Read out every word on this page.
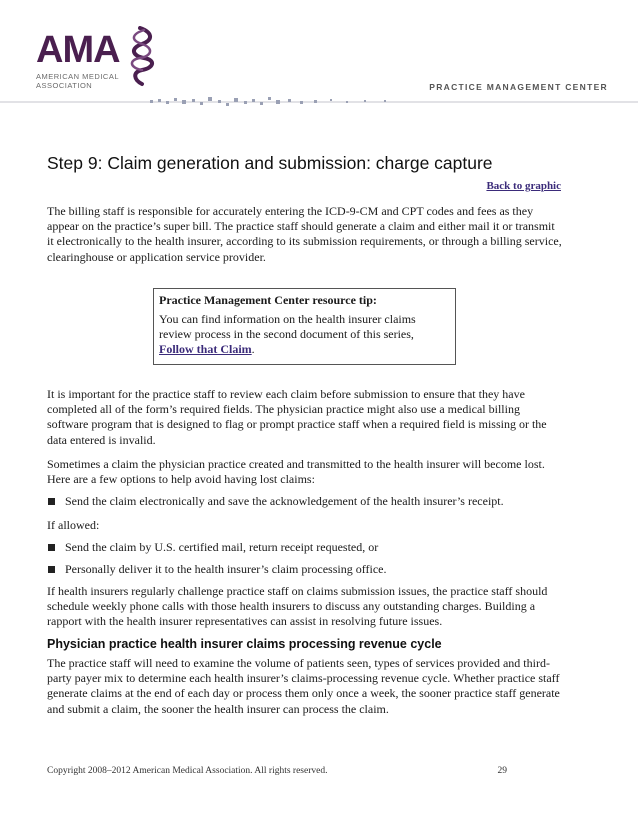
AMA
AMERICAN MEDICAL
ASSOCIATION	PRACTICE MANAGEMENT CENTER
Step 9: Claim generation and submission: charge capture
Back to graphic

The billing staff is responsible for accurately entering the ICD-9-CM and CPT codes and fees as they appear on the practice’s super bill. The practice staff should generate a claim and either mail it or transmit it electronically to the health insurer, according to its submission requirements, or through a billing service, clearinghouse or application service provider.

Practice Management Center resource tip:
You can find information on the health insurer claims review process in the second document of this series, Follow that Claim.

It is important for the practice staff to review each claim before submission to ensure that they have completed all of the form’s required fields. The physician practice might also use a medical billing software program that is designed to flag or prompt practice staff when a required field is missing or the data entered is invalid.

Sometimes a claim the physician practice created and transmitted to the health insurer will become lost. Here are a few options to help avoid having lost claims:

Send the claim electronically and save the acknowledgement of the health insurer’s receipt.

If allowed:

Send the claim by U.S. certified mail, return receipt requested, or
Personally deliver it to the health insurer’s claim processing office.

If health insurers regularly challenge practice staff on claims submission issues, the practice staff should schedule weekly phone calls with those health insurers to discuss any outstanding charges. Building a rapport with the health insurer representatives can assist in resolving future issues.

Physician practice health insurer claims processing revenue cycle

The practice staff will need to examine the volume of patients seen, types of services provided and third-party payer mix to determine each health insurer’s claims-processing revenue cycle. Whether practice staff generate claims at the end of each day or process them only once a week, the sooner practice staff generate and submit a claim, the sooner the health insurer can process the claim.

Copyright 2008–2012 American Medical Association. All rights reserved.	29
